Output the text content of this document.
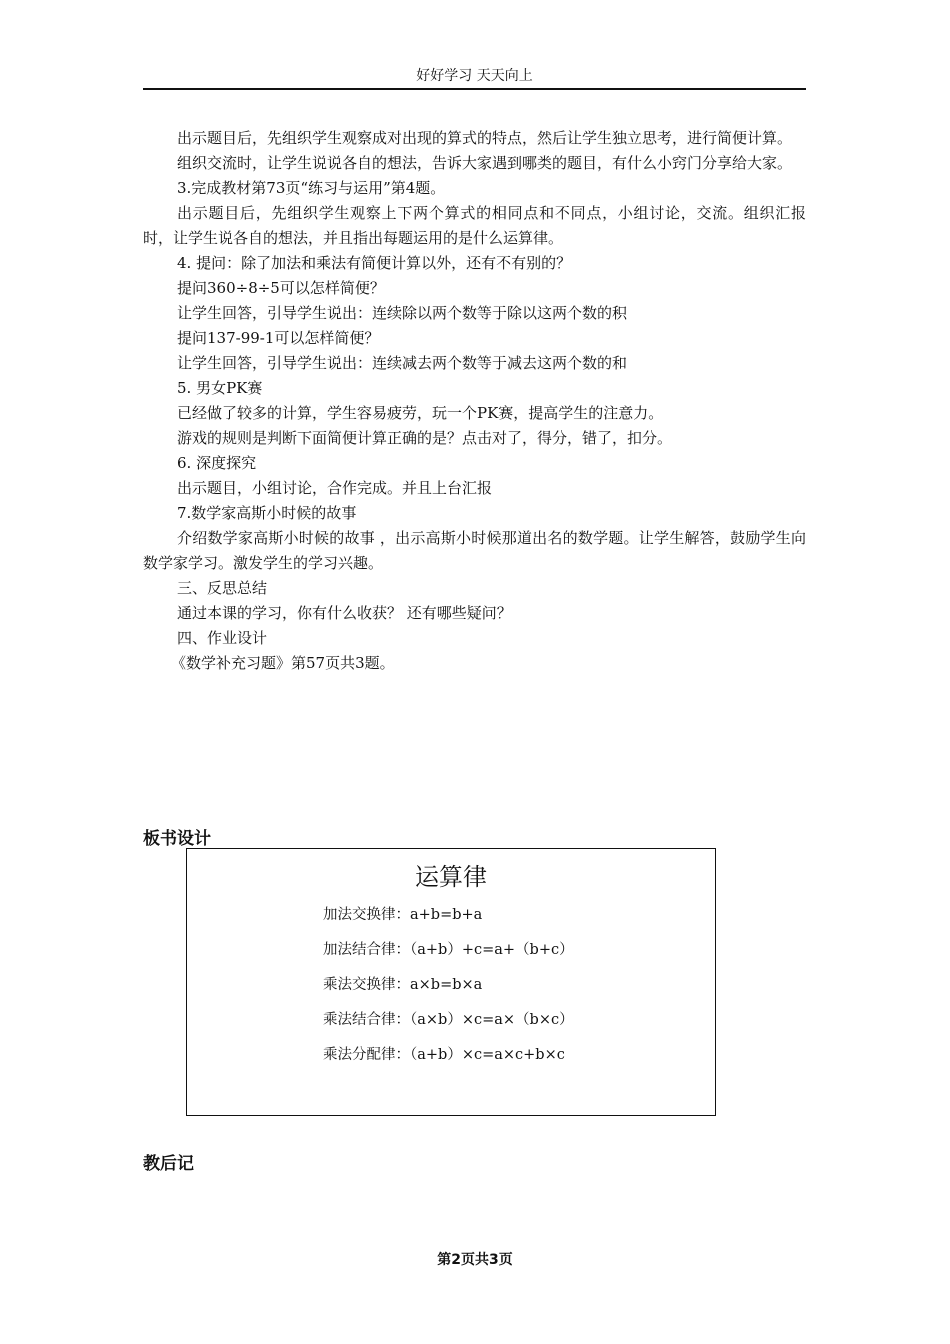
好好学习 天天向上

出示题目后，先组织学生观察成对出现的算式的特点，然后让学生独立思考，进行简便计算。

组织交流时，让学生说说各自的想法，告诉大家遇到哪类的题目，有什么小窍门分享给大家。

3.完成教材第73页“练习与运用”第4题。

出示题目后，先组织学生观察上下两个算式的相同点和不同点，小组讨论，交流。组织汇报时，让学生说各自的想法，并且指出每题运用的是什么运算律。

4. 提问：除了加法和乘法有简便计算以外，还有不有别的？

提问360÷8÷5可以怎样简便？

让学生回答，引导学生说出：连续除以两个数等于除以这两个数的积

提问137-99-1可以怎样简便？

让学生回答，引导学生说出：连续减去两个数等于减去这两个数的和

5. 男女PK赛

已经做了较多的计算，学生容易疲劳，玩一个PK赛，提高学生的注意力。

游戏的规则是判断下面简便计算正确的是？点击对了，得分，错了，扣分。

6. 深度探究

出示题目，小组讨论，合作完成。并且上台汇报

7.数学家高斯小时候的故事

介绍数学家高斯小时候的故事 ，出示高斯小时候那道出名的数学题。让学生解答，鼓励学生向数学家学习。激发学生的学习兴趣。

三、反思总结

通过本课的学习，你有什么收获？ 还有哪些疑问？

四、作业设计

《数学补充习题》第57页共3题。

板书设计
运算律
加法交换律：a+b=b+a
加法结合律：（a+b）+c=a+（b+c）
乘法交换律：a×b=b×a
乘法结合律：（a×b）×c=a×（b×c）
乘法分配律：（a+b）×c=a×c+b×c
教后记
第2页共3页
